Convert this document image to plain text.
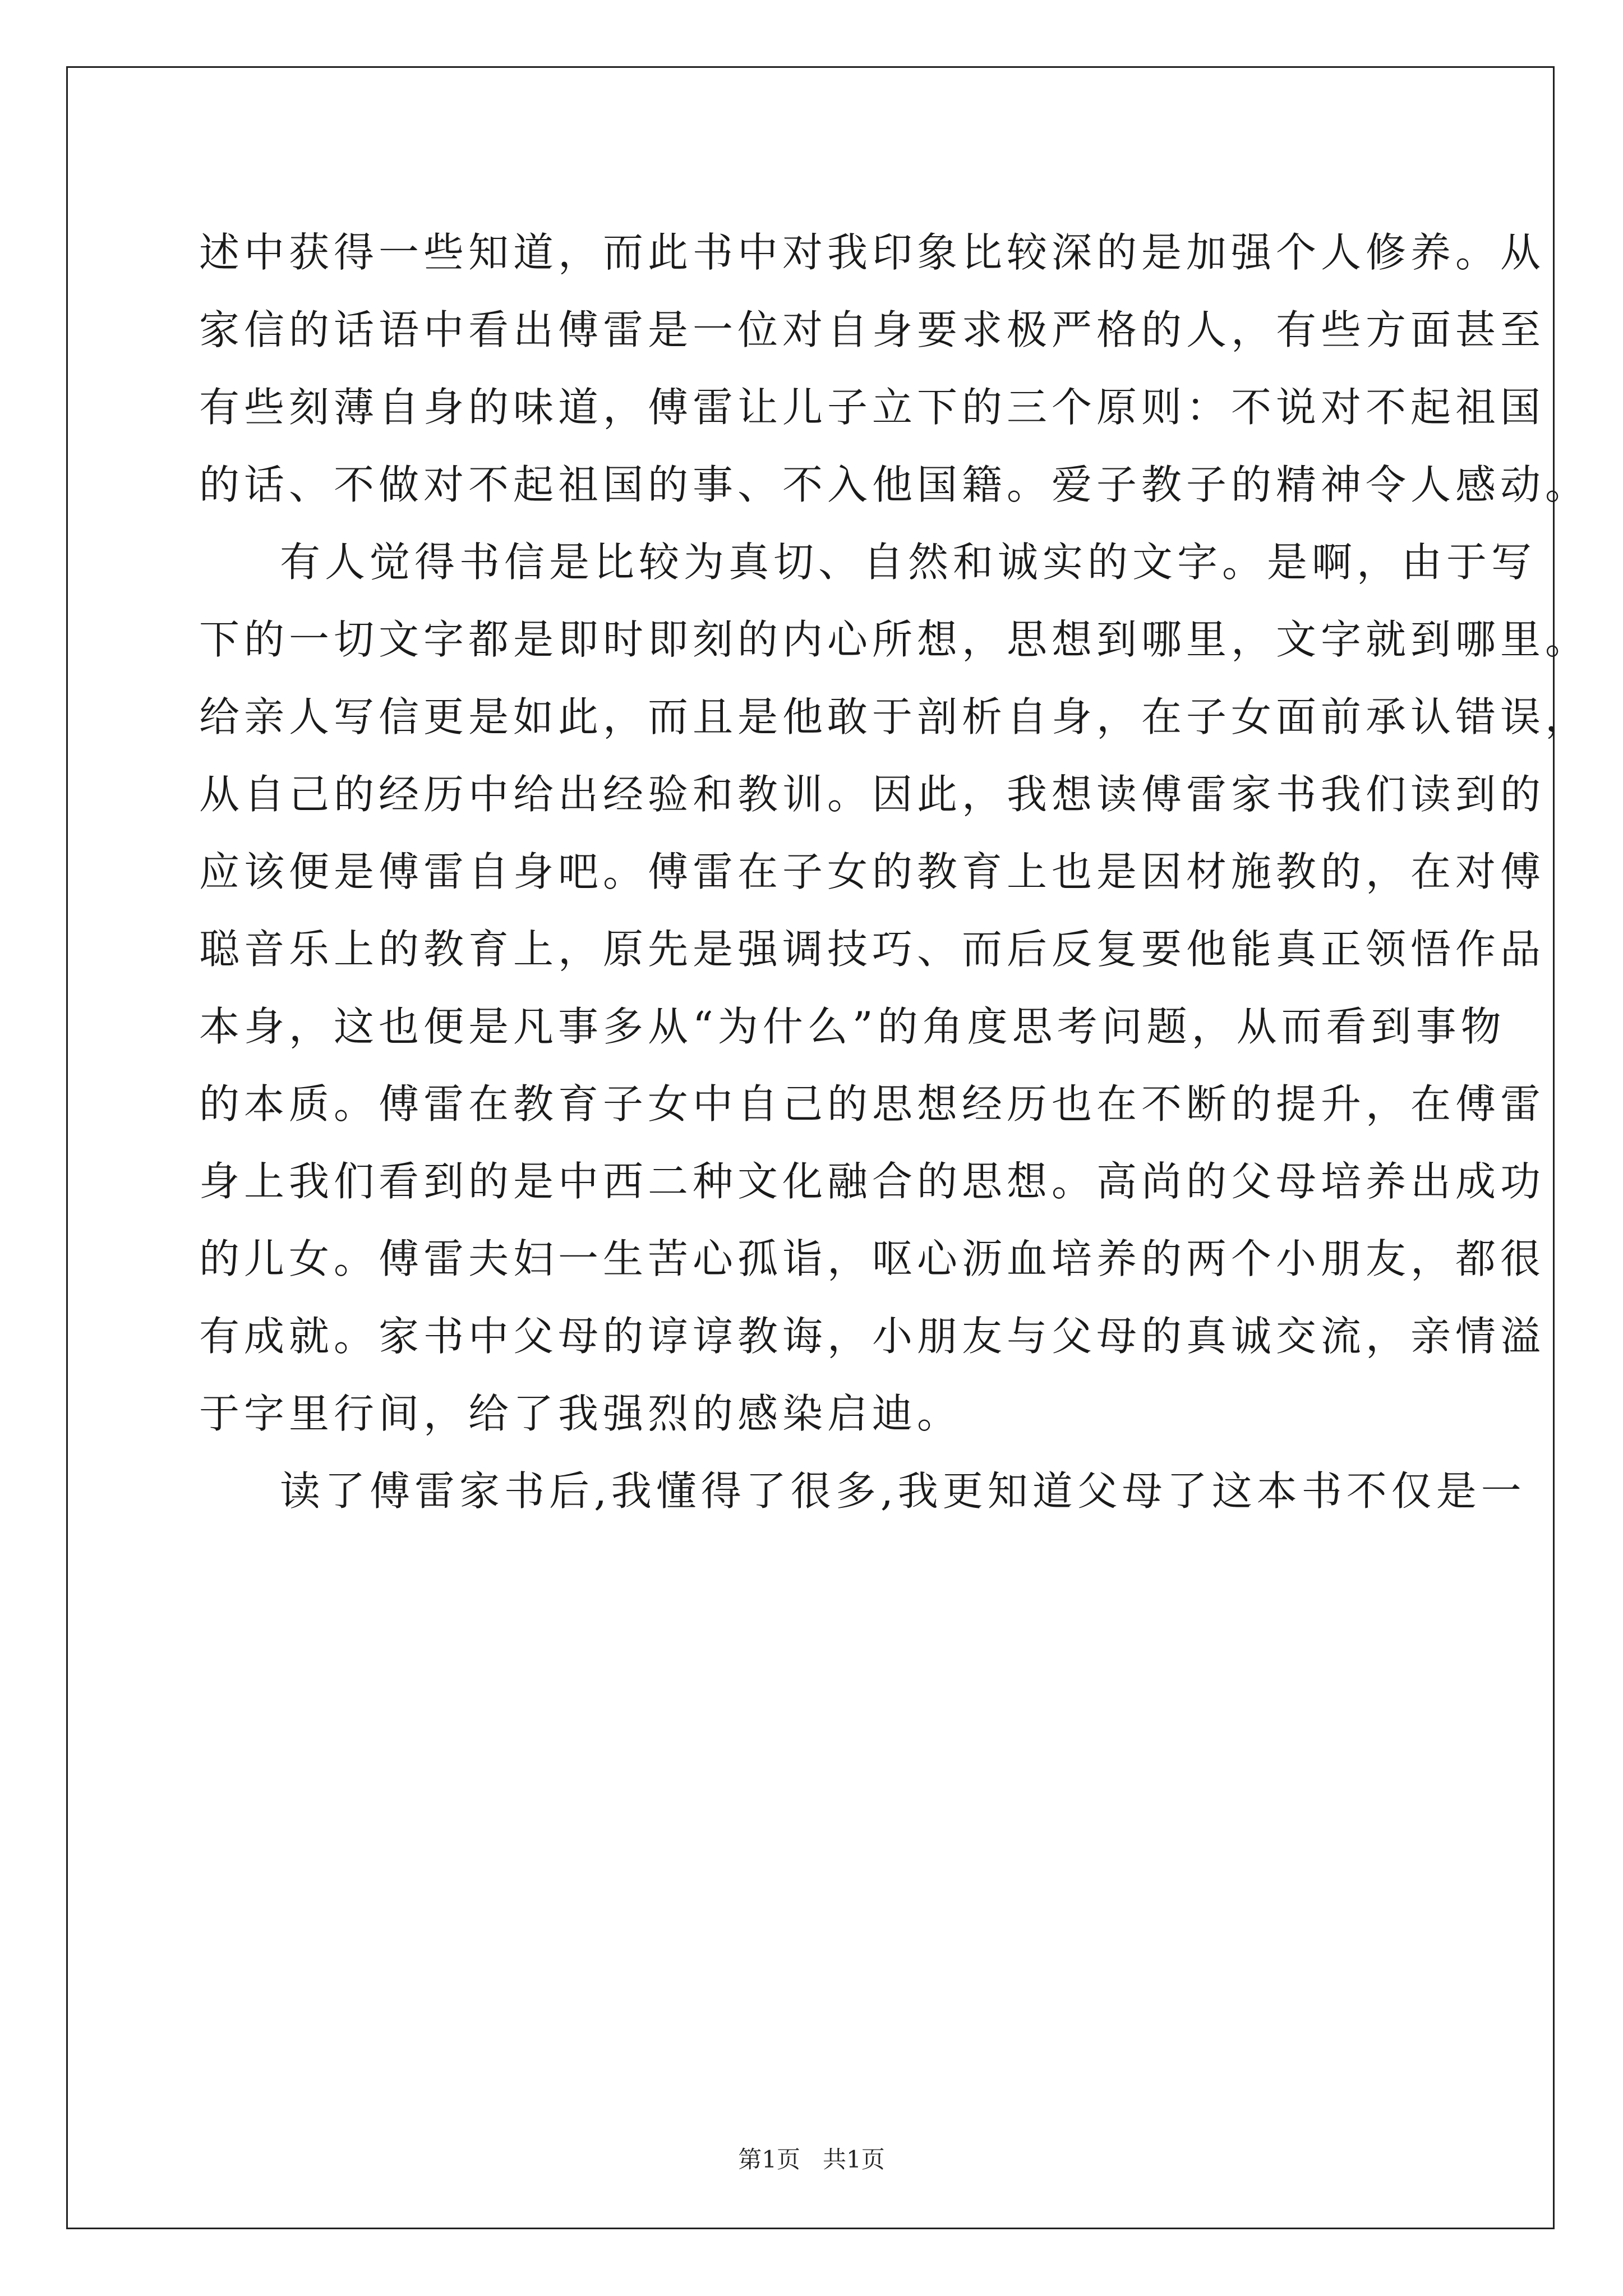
述中获得一些知道，而此书中对我印象比较深的是加强个人修养。从
家信的话语中看出傅雷是一位对自身要求极严格的人，有些方面甚至
有些刻薄自身的味道，傅雷让儿子立下的三个原则：不说对不起祖国
的话、不做对不起祖国的事、不入他国籍。爱子教子的精神令人感动。
有人觉得书信是比较为真切、自然和诚实的文字。是啊，由于写
下的一切文字都是即时即刻的内心所想，思想到哪里，文字就到哪里。
给亲人写信更是如此，而且是他敢于剖析自身，在子女面前承认错误，
从自己的经历中给出经验和教训。因此，我想读傅雷家书我们读到的
应该便是傅雷自身吧。傅雷在子女的教育上也是因材施教的，在对傅
聪音乐上的教育上，原先是强调技巧、而后反复要他能真正领悟作品
本身，这也便是凡事多从“为什么”的角度思考问题，从而看到事物
的本质。傅雷在教育子女中自己的思想经历也在不断的提升，在傅雷
身上我们看到的是中西二种文化融合的思想。高尚的父母培养出成功
的儿女。傅雷夫妇一生苦心孤诣，呕心沥血培养的两个小朋友，都很
有成就。家书中父母的谆谆教诲，小朋友与父母的真诚交流，亲情溢
于字里行间，给了我强烈的感染启迪。
读了傅雷家书后,我懂得了很多,我更知道父母了这本书不仅是一
第1页   共1页
